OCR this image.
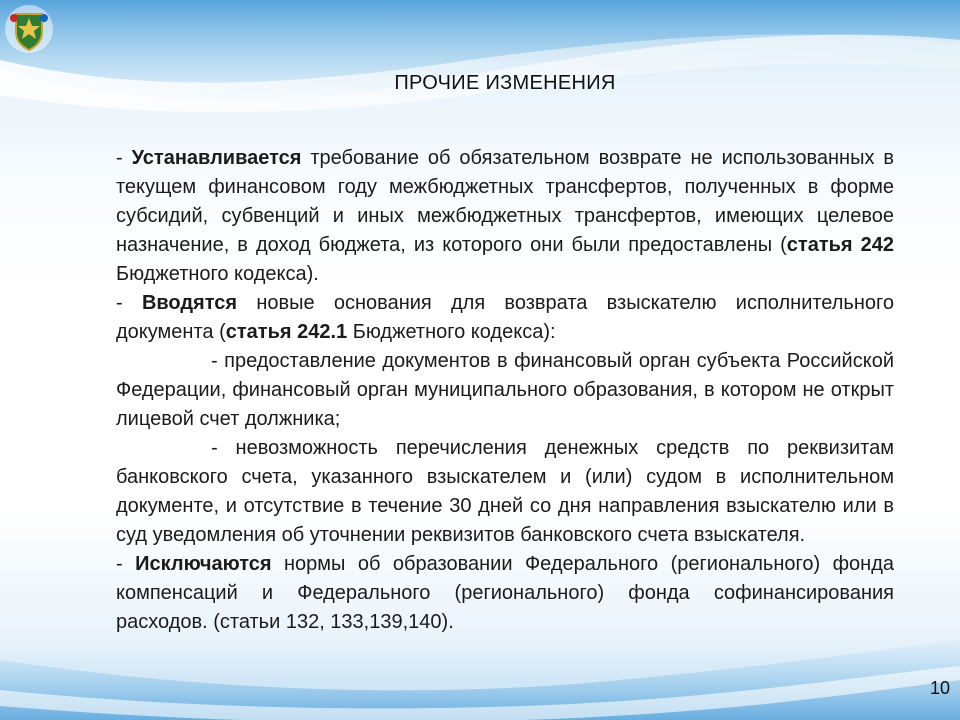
ПРОЧИЕ ИЗМЕНЕНИЯ

- Устанавливается требование об обязательном возврате не использованных в текущем финансовом году межбюджетных трансфертов, полученных в форме субсидий, субвенций и иных межбюджетных трансфертов, имеющих целевое назначение, в доход бюджета, из которого они были предоставлены (статья 242 Бюджетного кодекса).

- Вводятся новые основания для возврата взыскателю исполнительного документа (статья 242.1 Бюджетного кодекса):

- предоставление документов в финансовый орган субъекта Российской Федерации, финансовый орган муниципального образования, в котором не открыт лицевой счет должника;

- невозможность перечисления денежных средств по реквизитам банковского счета, указанного взыскателем и (или) судом в исполнительном документе, и отсутствие в течение 30 дней со дня направления взыскателю или в суд уведомления об уточнении реквизитов банковского счета взыскателя.

- Исключаются нормы об образовании Федерального (регионального) фонда компенсаций и Федерального (регионального) фонда софинансирования расходов. (статьи 132, 133,139,140).

10
